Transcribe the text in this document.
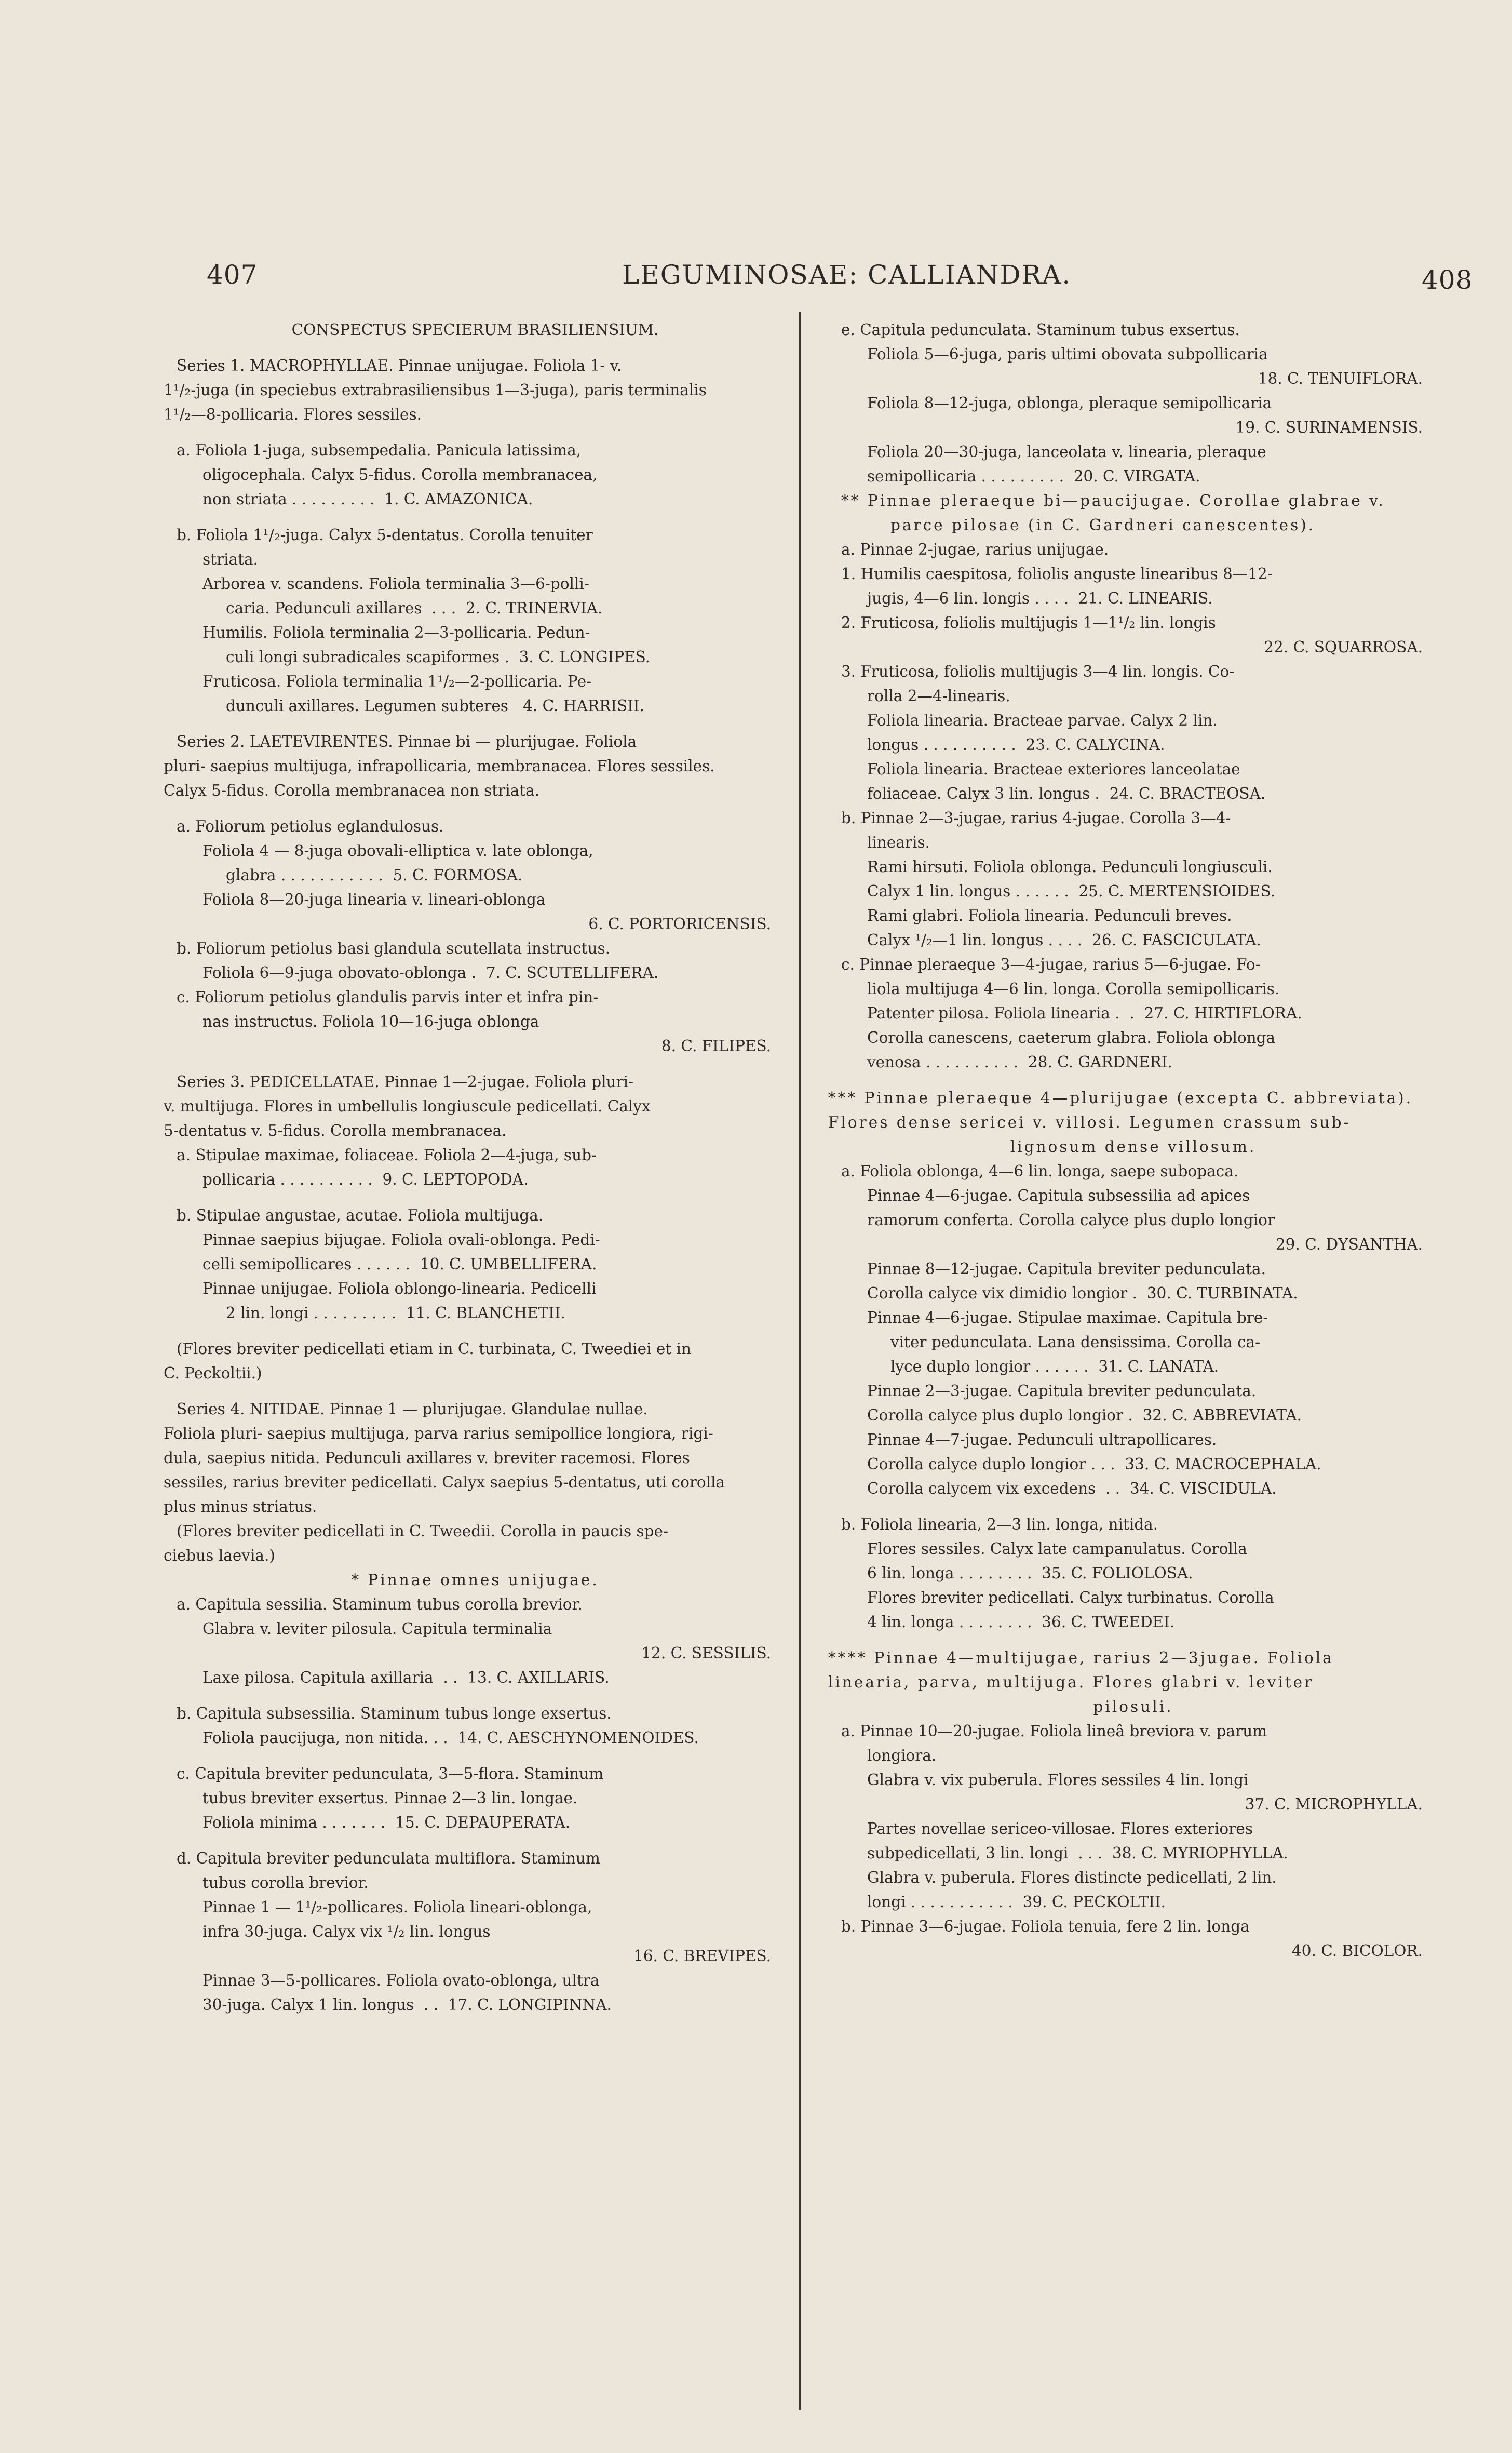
407	LEGUMINOSAE: CALLIANDRA.	408
CONSPECTUS SPECIERUM BRASILIENSIUM.
Series 1. MACROPHYLLAE. Pinnae unijugae. Foliola 1- v.
1¹/₂-juga (in speciebus extrabrasiliensibus 1—3-juga), paris terminalis
1¹/₂—8-pollicaria. Flores sessiles.
a. Foliola 1-juga, subsempedalia. Panicula latissima,
oligocephala. Calyx 5-fidus. Corolla membranacea,
non striata . . . . . . . . .  1. C. AMAZONICA.
b. Foliola 1¹/₂-juga. Calyx 5-dentatus. Corolla tenuiter
striata.
Arborea v. scandens. Foliola terminalia 3—6-polli-
caria. Pedunculi axillares  . . .  2. C. TRINERVIA.
Humilis. Foliola terminalia 2—3-pollicaria. Pedun-
culi longi subradicales scapiformes .  3. C. LONGIPES.
Fruticosa. Foliola terminalia 1¹/₂—2-pollicaria. Pe-
dunculi axillares. Legumen subteres   4. C. HARRISII.
Series 2. LAETEVIRENTES. Pinnae bi — plurijugae. Foliola
pluri- saepius multijuga, infrapollicaria, membranacea. Flores sessiles.
Calyx 5-fidus. Corolla membranacea non striata.
a. Foliorum petiolus eglandulosus.
Foliola 4 — 8-juga obovali-elliptica v. late oblonga,
glabra . . . . . . . . . . .  5. C. FORMOSA.
Foliola 8—20-juga linearia v. lineari-oblonga
6. C. PORTORICENSIS.
b. Foliorum petiolus basi glandula scutellata instructus.
Foliola 6—9-juga obovato-oblonga .  7. C. SCUTELLIFERA.
c. Foliorum petiolus glandulis parvis inter et infra pin-
nas instructus. Foliola 10—16-juga oblonga
8. C. FILIPES.
Series 3. PEDICELLATAE. Pinnae 1—2-jugae. Foliola pluri-
v. multijuga. Flores in umbellulis longiuscule pedicellati. Calyx
5-dentatus v. 5-fidus. Corolla membranacea.
a. Stipulae maximae, foliaceae. Foliola 2—4-juga, sub-
pollicaria . . . . . . . . . .  9. C. LEPTOPODA.
b. Stipulae angustae, acutae. Foliola multijuga.
Pinnae saepius bijugae. Foliola ovali-oblonga. Pedi-
celli semipollicares . . . . . .  10. C. UMBELLIFERA.
Pinnae unijugae. Foliola oblongo-linearia. Pedicelli
2 lin. longi . . . . . . . . .  11. C. BLANCHETII.
(Flores breviter pedicellati etiam in C. turbinata, C. Tweediei et in
C. Peckoltii.)
Series 4. NITIDAE. Pinnae 1 — plurijugae. Glandulae nullae.
Foliola pluri- saepius multijuga, parva rarius semipollice longiora, rigi-
dula, saepius nitida. Pedunculi axillares v. breviter racemosi. Flores
sessiles, rarius breviter pedicellati. Calyx saepius 5-dentatus, uti corolla
plus minus striatus.
(Flores breviter pedicellati in C. Tweedii. Corolla in paucis spe-
ciebus laevia.)
* Pinnae omnes unijugae.
a. Capitula sessilia. Staminum tubus corolla brevior.
Glabra v. leviter pilosula. Capitula terminalia
12. C. SESSILIS.
Laxe pilosa. Capitula axillaria  . .  13. C. AXILLARIS.
b. Capitula subsessilia. Staminum tubus longe exsertus.
Foliola paucijuga, non nitida. . .  14. C. AESCHYNOMENOIDES.
c. Capitula breviter pedunculata, 3—5-flora. Staminum
tubus breviter exsertus. Pinnae 2—3 lin. longae.
Foliola minima . . . . . . .  15. C. DEPAUPERATA.
d. Capitula breviter pedunculata multiflora. Staminum
tubus corolla brevior.
Pinnae 1 — 1¹/₂-pollicares. Foliola lineari-oblonga,
infra 30-juga. Calyx vix ¹/₂ lin. longus
16. C. BREVIPES.
Pinnae 3—5-pollicares. Foliola ovato-oblonga, ultra
30-juga. Calyx 1 lin. longus  . .  17. C. LONGIPINNA.
e. Capitula pedunculata. Staminum tubus exsertus.
Foliola 5—6-juga, paris ultimi obovata subpollicaria
18. C. TENUIFLORA.
Foliola 8—12-juga, oblonga, pleraque semipollicaria
19. C. SURINAMENSIS.
Foliola 20—30-juga, lanceolata v. linearia, pleraque
semipollicaria . . . . . . . . .  20. C. VIRGATA.
** Pinnae pleraeque bi—paucijugae. Corollae glabrae v.
parce pilosae (in C. Gardneri canescentes).
a. Pinnae 2-jugae, rarius unijugae.
1. Humilis caespitosa, foliolis anguste linearibus 8—12-
jugis, 4—6 lin. longis . . . .  21. C. LINEARIS.
2. Fruticosa, foliolis multijugis 1—1¹/₂ lin. longis
22. C. SQUARROSA.
3. Fruticosa, foliolis multijugis 3—4 lin. longis. Co-
rolla 2—4-linearis.
Foliola linearia. Bracteae parvae. Calyx 2 lin.
longus . . . . . . . . . .  23. C. CALYCINA.
Foliola linearia. Bracteae exteriores lanceolatae
foliaceae. Calyx 3 lin. longus .  24. C. BRACTEOSA.
b. Pinnae 2—3-jugae, rarius 4-jugae. Corolla 3—4-
linearis.
Rami hirsuti. Foliola oblonga. Pedunculi longiusculi.
Calyx 1 lin. longus . . . . . .  25. C. MERTENSIOIDES.
Rami glabri. Foliola linearia. Pedunculi breves.
Calyx ¹/₂—1 lin. longus . . . .  26. C. FASCICULATA.
c. Pinnae pleraeque 3—4-jugae, rarius 5—6-jugae. Fo-
liola multijuga 4—6 lin. longa. Corolla semipollicaris.
Patenter pilosa. Foliola linearia .  .  27. C. HIRTIFLORA.
Corolla canescens, caeterum glabra. Foliola oblonga
venosa . . . . . . . . . .  28. C. GARDNERI.
*** Pinnae pleraeque 4—plurijugae (excepta C. abbreviata).
Flores dense sericei v. villosi. Legumen crassum sub-
lignosum dense villosum.
a. Foliola oblonga, 4—6 lin. longa, saepe subopaca.
Pinnae 4—6-jugae. Capitula subsessilia ad apices
ramorum conferta. Corolla calyce plus duplo longior
29. C. DYSANTHA.
Pinnae 8—12-jugae. Capitula breviter pedunculata.
Corolla calyce vix dimidio longior .  30. C. TURBINATA.
Pinnae 4—6-jugae. Stipulae maximae. Capitula bre-
viter pedunculata. Lana densissima. Corolla ca-
lyce duplo longior . . . . . .  31. C. LANATA.
Pinnae 2—3-jugae. Capitula breviter pedunculata.
Corolla calyce plus duplo longior .  32. C. ABBREVIATA.
Pinnae 4—7-jugae. Pedunculi ultrapollicares.
Corolla calyce duplo longior . . .  33. C. MACROCEPHALA.
Corolla calycem vix excedens  . .  34. C. VISCIDULA.
b. Foliola linearia, 2—3 lin. longa, nitida.
Flores sessiles. Calyx late campanulatus. Corolla
6 lin. longa . . . . . . . .  35. C. FOLIOLOSA.
Flores breviter pedicellati. Calyx turbinatus. Corolla
4 lin. longa . . . . . . . .  36. C. TWEEDEI.
**** Pinnae 4—multijugae, rarius 2—3jugae. Foliola
linearia, parva, multijuga. Flores glabri v. leviter
pilosuli.
a. Pinnae 10—20-jugae. Foliola lineâ breviora v. parum
longiora.
Glabra v. vix puberula. Flores sessiles 4 lin. longi
37. C. MICROPHYLLA.
Partes novellae sericeo-villosae. Flores exteriores
subpedicellati, 3 lin. longi  . . .  38. C. MYRIOPHYLLA.
Glabra v. puberula. Flores distincte pedicellati, 2 lin.
longi . . . . . . . . . . .  39. C. PECKOLTII.
b. Pinnae 3—6-jugae. Foliola tenuia, fere 2 lin. longa
40. C. BICOLOR.
